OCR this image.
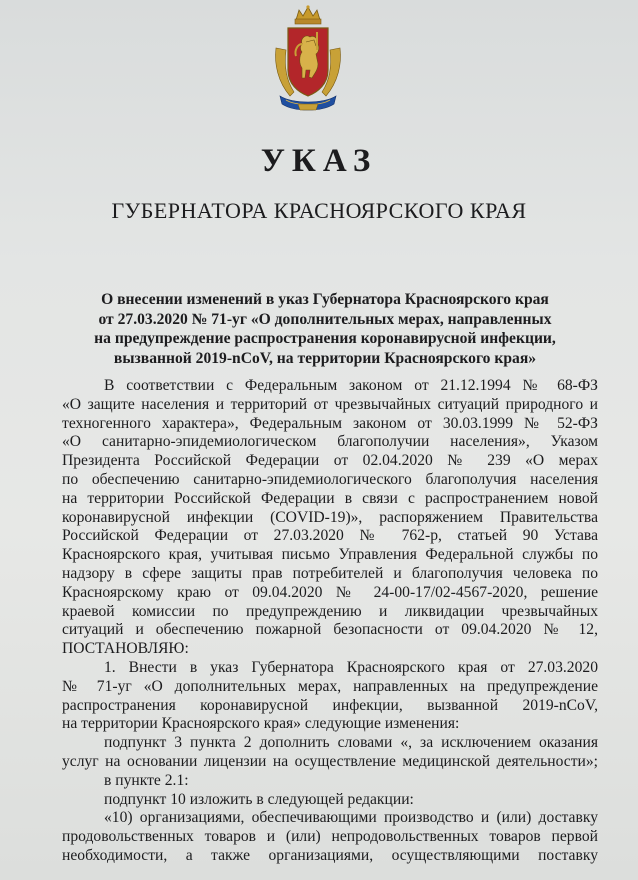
УКАЗ
ГУБЕРНАТОРА КРАСНОЯРСКОГО КРАЯ
О внесении изменений в указ Губернатора Красноярского края
от 27.03.2020 № 71-уг «О дополнительных мерах, направленных
на предупреждение распространения коронавирусной инфекции,
вызванной 2019-nCoV, на территории Красноярского края»
В соответствии с Федеральным законом от 21.12.1994 № 68-ФЗ
«О защите населения и территорий от чрезвычайных ситуаций природного и
техногенного характера», Федеральным законом от 30.03.1999 № 52-ФЗ
«О санитарно-эпидемиологическом благополучии населения», Указом
Президента Российской Федерации от 02.04.2020 № 239 «О мерах
по обеспечению санитарно-эпидемиологического благополучия населения
на территории Российской Федерации в связи с распространением новой
коронавирусной инфекции (COVID-19)», распоряжением Правительства
Российской Федерации от 27.03.2020 № 762-р, статьей 90 Устава
Красноярского края, учитывая письмо Управления Федеральной службы по
надзору в сфере защиты прав потребителей и благополучия человека по
Красноярскому краю от 09.04.2020 № 24-00-17/02-4567-2020, решение
краевой комиссии по предупреждению и ликвидации чрезвычайных
ситуаций и обеспечению пожарной безопасности от 09.04.2020 № 12,
ПОСТАНОВЛЯЮ:
1. Внести в указ Губернатора Красноярского края от 27.03.2020
№ 71-уг «О дополнительных мерах, направленных на предупреждение
распространения коронавирусной инфекции, вызванной 2019-nCoV,
на территории Красноярского края» следующие изменения:
подпункт 3 пункта 2 дополнить словами «, за исключением оказания
услуг на основании лицензии на осуществление медицинской деятельности»;
в пункте 2.1:
подпункт 10 изложить в следующей редакции:
«10) организациями, обеспечивающими производство и (или) доставку
продовольственных товаров и (или) непродовольственных товаров первой
необходимости, а также организациями, осуществляющими поставку
